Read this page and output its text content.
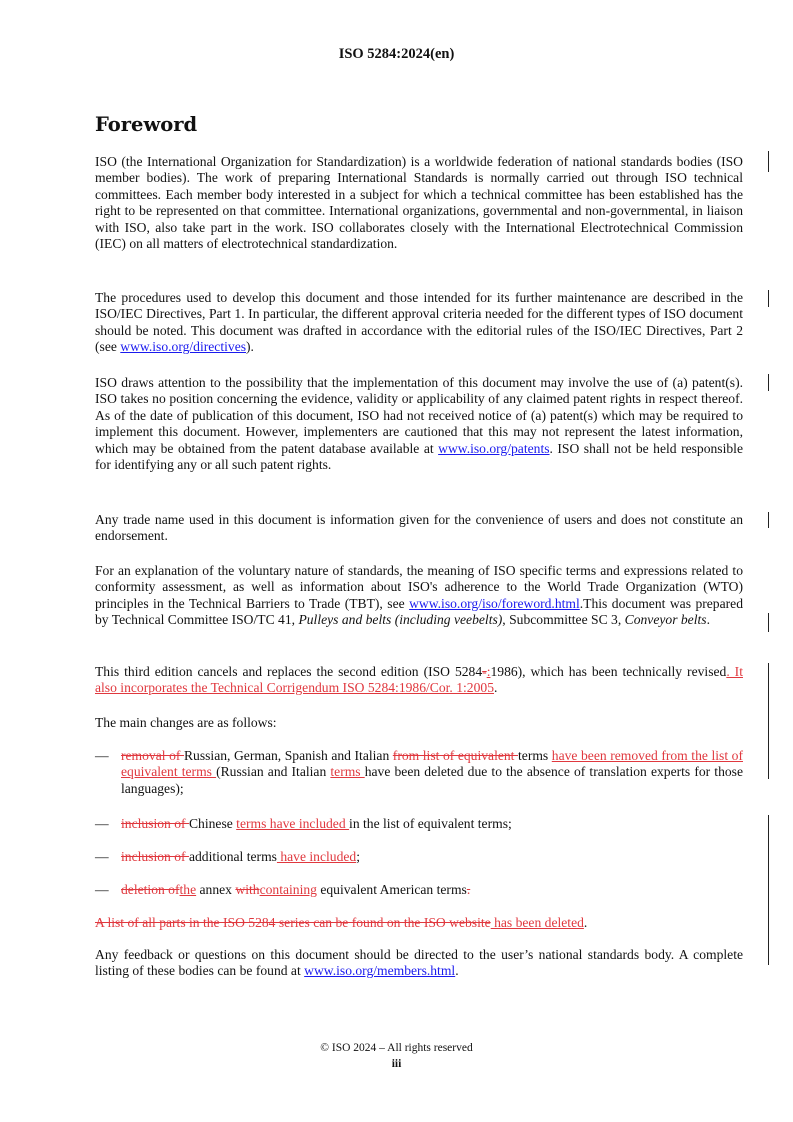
ISO 5284:2024(en)
Foreword
ISO (the International Organization for Standardization) is a worldwide federation of national standards bodies (ISO member bodies). The work of preparing International Standards is normally carried out through ISO technical committees. Each member body interested in a subject for which a technical committee has been established has the right to be represented on that committee. International organizations, governmental and non-governmental, in liaison with ISO, also take part in the work. ISO collaborates closely with the International Electrotechnical Commission (IEC) on all matters of electrotechnical standardization.
The procedures used to develop this document and those intended for its further maintenance are described in the ISO/IEC Directives, Part 1. In particular, the different approval criteria needed for the different types of ISO document should be noted. This document was drafted in accordance with the editorial rules of the ISO/IEC Directives, Part 2 (see www.iso.org/directives).
ISO draws attention to the possibility that the implementation of this document may involve the use of (a) patent(s). ISO takes no position concerning the evidence, validity or applicability of any claimed patent rights in respect thereof. As of the date of publication of this document, ISO had not received notice of (a) patent(s) which may be required to implement this document. However, implementers are cautioned that this may not represent the latest information, which may be obtained from the patent database available at www.iso.org/patents. ISO shall not be held responsible for identifying any or all such patent rights.
Any trade name used in this document is information given for the convenience of users and does not constitute an endorsement.
For an explanation of the voluntary nature of standards, the meaning of ISO specific terms and expressions related to conformity assessment, as well as information about ISO's adherence to the World Trade Organization (WTO) principles in the Technical Barriers to Trade (TBT), see www.iso.org/iso/foreword.html.This document was prepared by Technical Committee ISO/TC 41, Pulleys and belts (including veebelts), Subcommittee SC 3, Conveyor belts.
This third edition cancels and replaces the second edition (ISO 5284-:1986), which has been technically revised. It also incorporates the Technical Corrigendum ISO 5284:1986/Cor. 1:2005.
The main changes are as follows:
— removal of Russian, German, Spanish and Italian from list of equivalent terms have been removed from the list of equivalent terms (Russian and Italian terms have been deleted due to the absence of translation experts for those languages);
— inclusion of Chinese terms have included in the list of equivalent terms;
— inclusion of additional terms have included;
— deletion ofthe annex withcontaining equivalent American terms.
A list of all parts in the ISO 5284 series can be found on the ISO website has been deleted.
Any feedback or questions on this document should be directed to the user’s national standards body. A complete listing of these bodies can be found at www.iso.org/members.html.
© ISO 2024 – All rights reserved
iii
